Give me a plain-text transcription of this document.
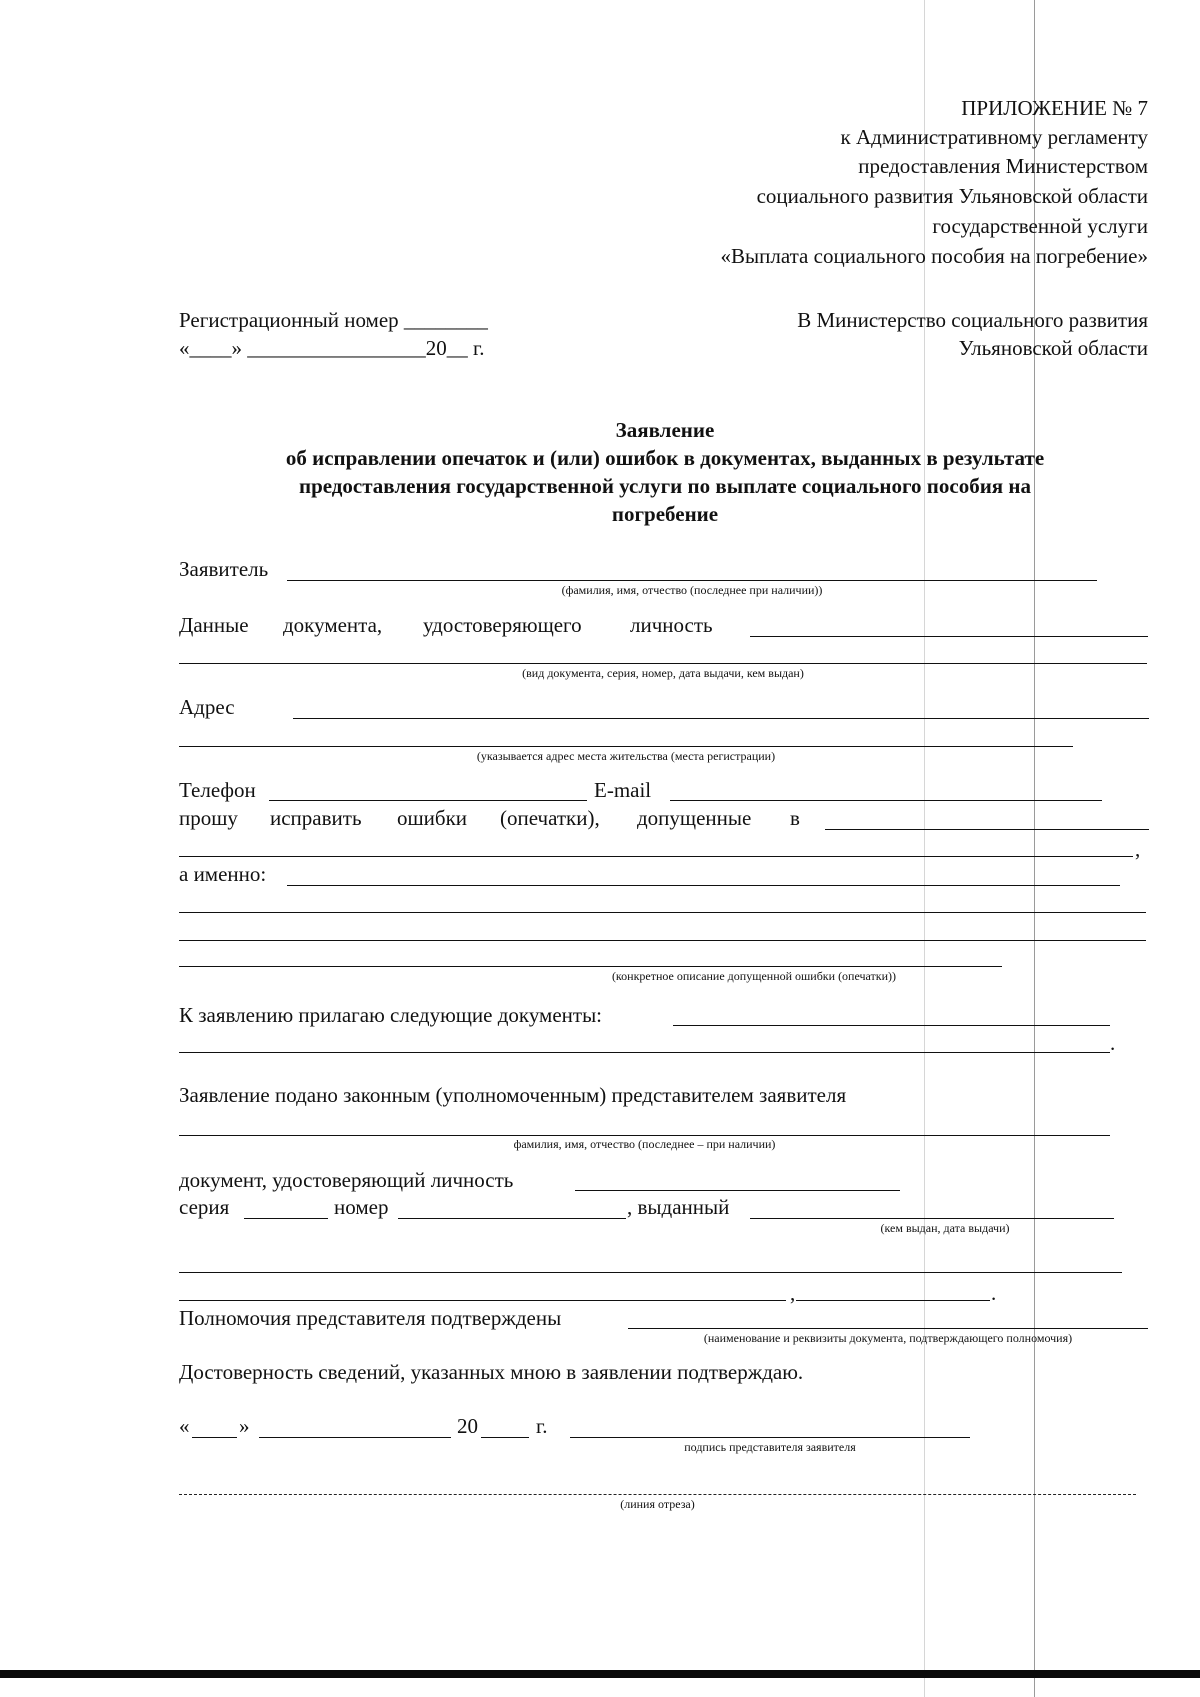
ПРИЛОЖЕНИЕ № 7
к Административному регламенту
предоставления Министерством
социального развития Ульяновской области
государственной услуги
«Выплата социального пособия на погребение»
Регистрационный номер ________
«____» _________________20__ г.
В Министерство социального развития
Ульяновской области
Заявление
об исправлении опечаток и (или) ошибок в документах, выданных в результате
предоставления государственной услуги по выплате социального пособия на
погребение
Заявитель
(фамилия, имя, отчество (последнее при наличии))
Данные документа, удостоверяющего личность
(вид документа, серия, номер, дата выдачи, кем выдан)
Адрес
(указывается адрес места жительства (места регистрации)
Телефон	E-mail
прошу исправить ошибки (опечатки), допущенные в
,
а именно:
(конкретное описание допущенной ошибки (опечатки))
К заявлению прилагаю следующие документы:
.
Заявление подано законным (уполномоченным) представителем заявителя
фамилия, имя, отчество (последнее – при наличии)
документ, удостоверяющий личность
серия	номер	, выданный
(кем выдан, дата выдачи)
,	.
Полномочия представителя подтверждены
(наименование и реквизиты документа, подтверждающего полномочия)
Достоверность сведений, указанных мною в заявлении подтверждаю.
« »	20	г.
подпись представителя заявителя
(линия отреза)
